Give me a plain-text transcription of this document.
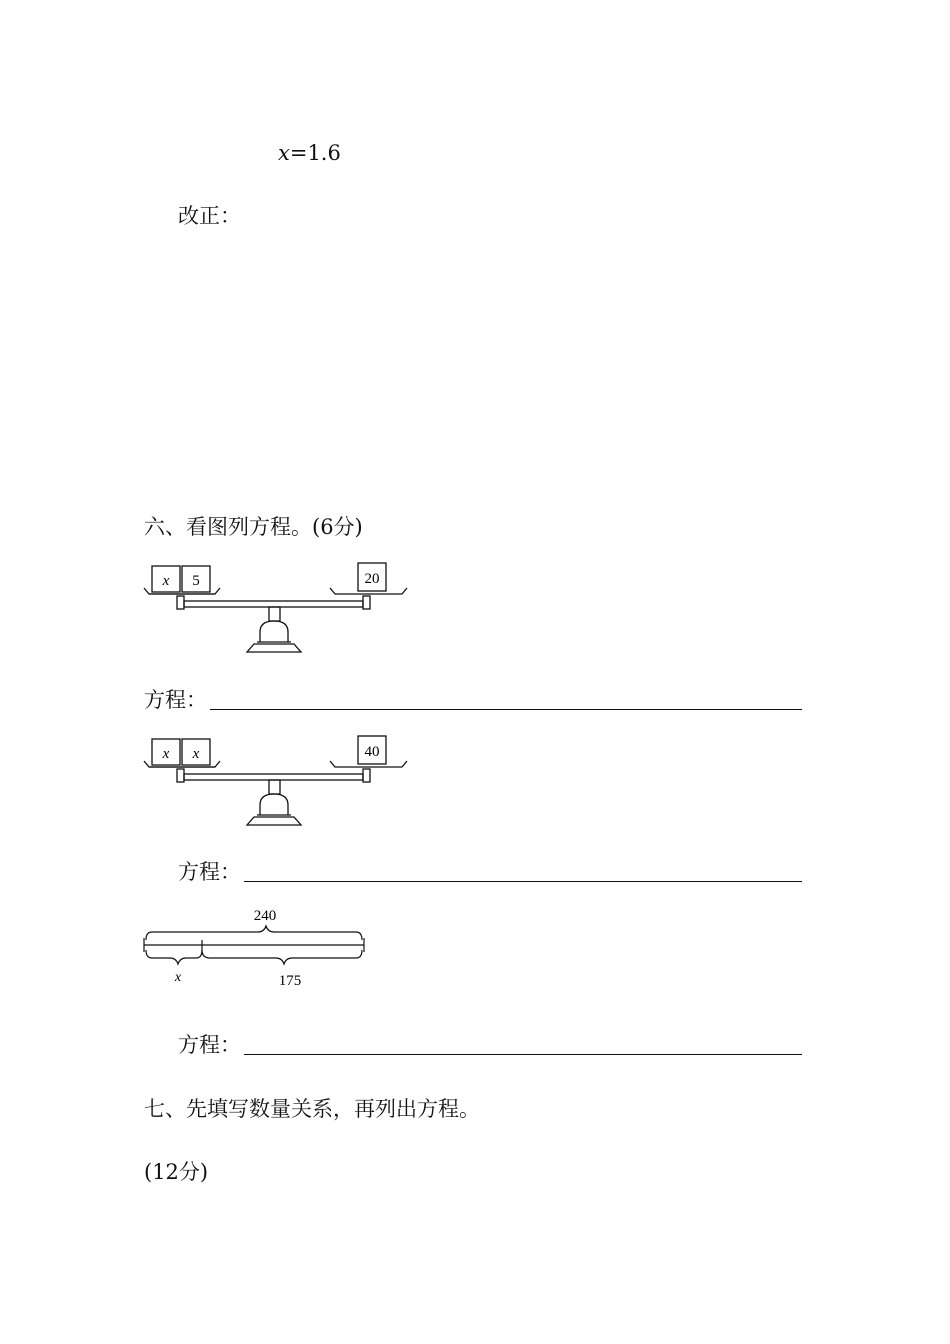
x=1.6
改正：
六、看图列方程。(6分)
x 5	20
方程：
x x	40
方程：
240
x	175
方程：
七、先填写数量关系，再列出方程。
(12分)
